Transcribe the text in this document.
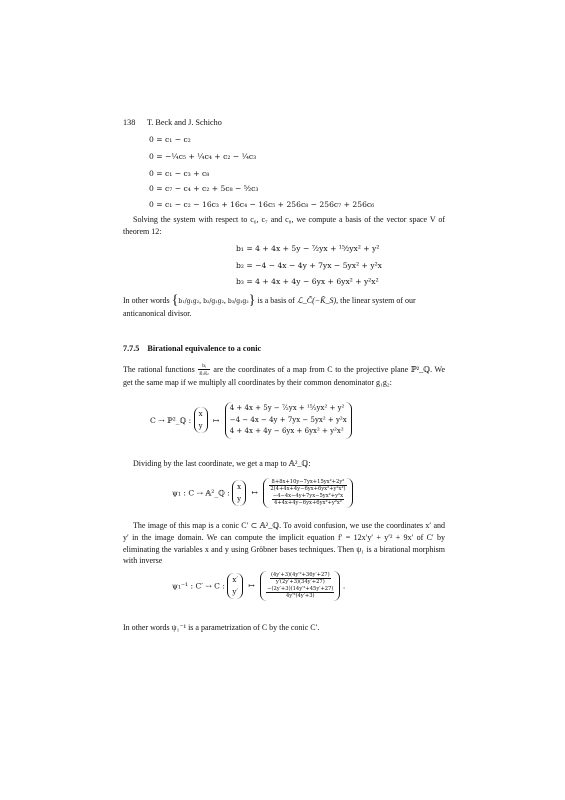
138 T. Beck and J. Schicho
0 = c₁ − c₂
0 = −¼c₅ + ¼c₄ + c₂ − ¼c₃
0 = c₁ − c₃ + c₈
0 = c₇ − c₄ + c₂ + 5c₈ − ⁵⁄₂c₃
0 = c₁ − c₂ − 16c₃ + 16c₄ − 16c₅ + 256c₈ − 256c₇ + 256c₆
Solving the system with respect to c₆, c₇ and c₈, we compute a basis of the vector space V of theorem 12:
b₁ = 4 + 4x + 5y − ⁷⁄₂yx + ¹⁵⁄₂yx² + y²
b₂ = −4 − 4x − 4y + 7yx − 5yx² + y²x
b₃ = 4 + 4x + 4y − 6yx + 6yx² + y²x²
In other words {b₁/g₁g₂, b₂/g₁g₂, b₃/g₁g₂} is a basis of ℒ_C̃(−K̃_S), the linear system of our
anticanonical divisor.
7.7.5 Birational equivalence to a conic
The rational functions $\frac{\text{bᵢ}}{\text{g₁g₂}}$ are the coordinates of a map from C to the projective plane ℙ²_ℚ. We get the same map if we multiply all coordinates by their common denominator g₁g₂:
C ⇢ ℙ²_ℚ : x
y ↦ 4 + 4x + 5y − ⁷⁄₂yx + ¹⁵⁄₂yx² + y²
−4 − 4x − 4y + 7yx − 5yx² + y²x
4 + 4x + 4y − 6yx + 6yx² + y²x²
Dividing by the last coordinate, we get a map to 𝔸²_ℚ:
ψ₁ : C ⇢ 𝔸²_ℚ : x
y ↦ $\frac{\text{8+8x+10y−7yx+15yx²+2y²}}{\text{2(4+4x+4y−6yx+6yx²+y²x²)}}$

$\frac{\text{−4−4x−4y+7yx−5yx²+y²x}}{\text{4+4x+4y−6yx+6yx²+y²x²}}$
The image of this map is a conic C′ ⊂ 𝔸²_ℚ. To avoid confusion, we use the coordinates x′ and y′ in the image domain. We can compute the implicit equation f′ = 12x′y′ + y′² + 9x′ of C′ by eliminating the variables x and y using Gröbner bases techniques. Then ψ₁ is a birational morphism with inverse
ψ₁⁻¹ : C′ ⇢ C : x′
y′ ↦	$\frac{\text{(4y′+3)(4y′²+36y′+27)}}{y'(2y'+3)(34y'+27)}$

$\frac{\text{−(2y′+3)(14y′²+45y′+27)}}{\text{4y′²(4y′+3)}}$ .
In other words ψ₁⁻¹ is a parametrization of C by the conic C′.
